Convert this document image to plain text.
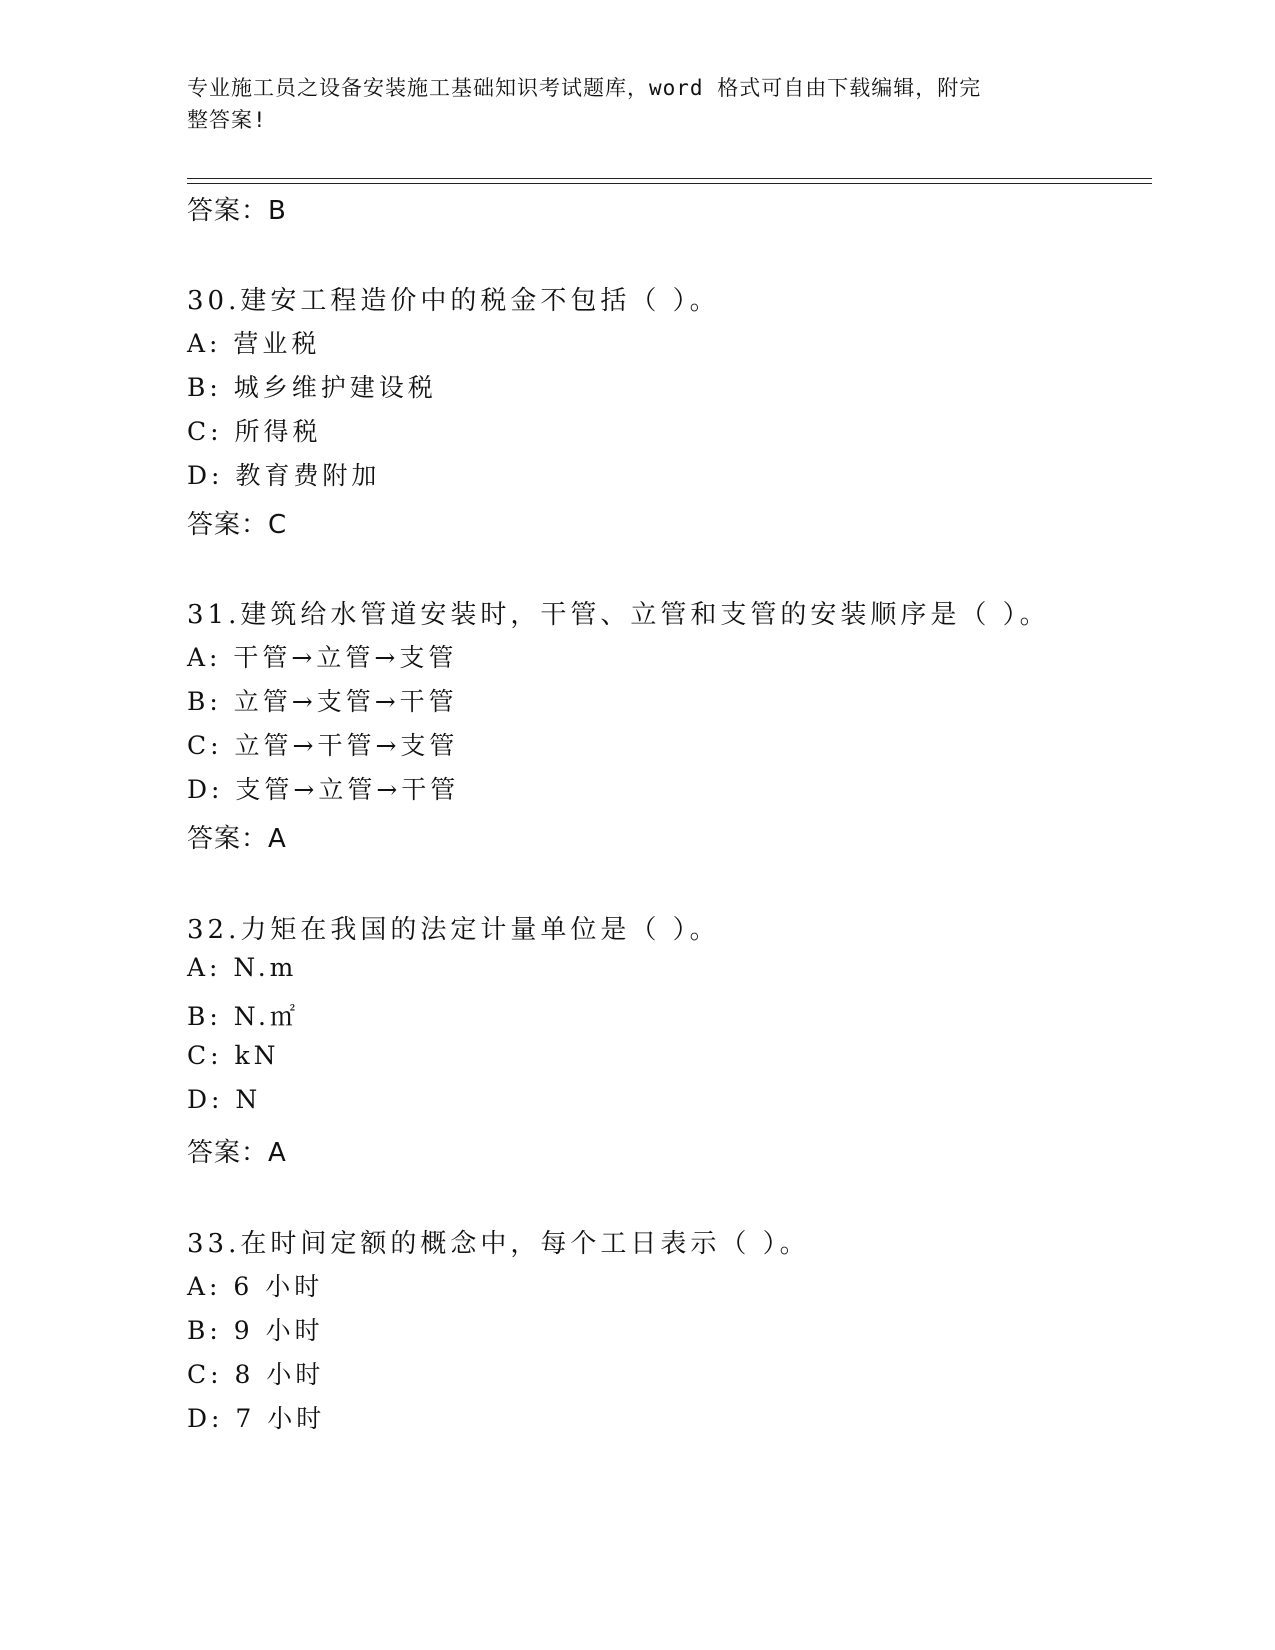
专业施工员之设备安装施工基础知识考试题库，word 格式可自由下载编辑，附完
整答案!
答案：B
30.建安工程造价中的税金不包括（ ）。
A: 营业税
B: 城乡维护建设税
C: 所得税
D: 教育费附加
答案：C
31.建筑给水管道安装时，干管、立管和支管的安装顺序是（ ）。
A: 干管→立管→支管
B: 立管→支管→干管
C: 立管→干管→支管
D: 支管→立管→干管
答案：A
32.力矩在我国的法定计量单位是（ ）。
A: N.m
B: N.㎡
C: kN
D: N
答案：A
33.在时间定额的概念中，每个工日表示（ ）。
A: 6 小时
B: 9 小时
C: 8 小时
D: 7 小时
